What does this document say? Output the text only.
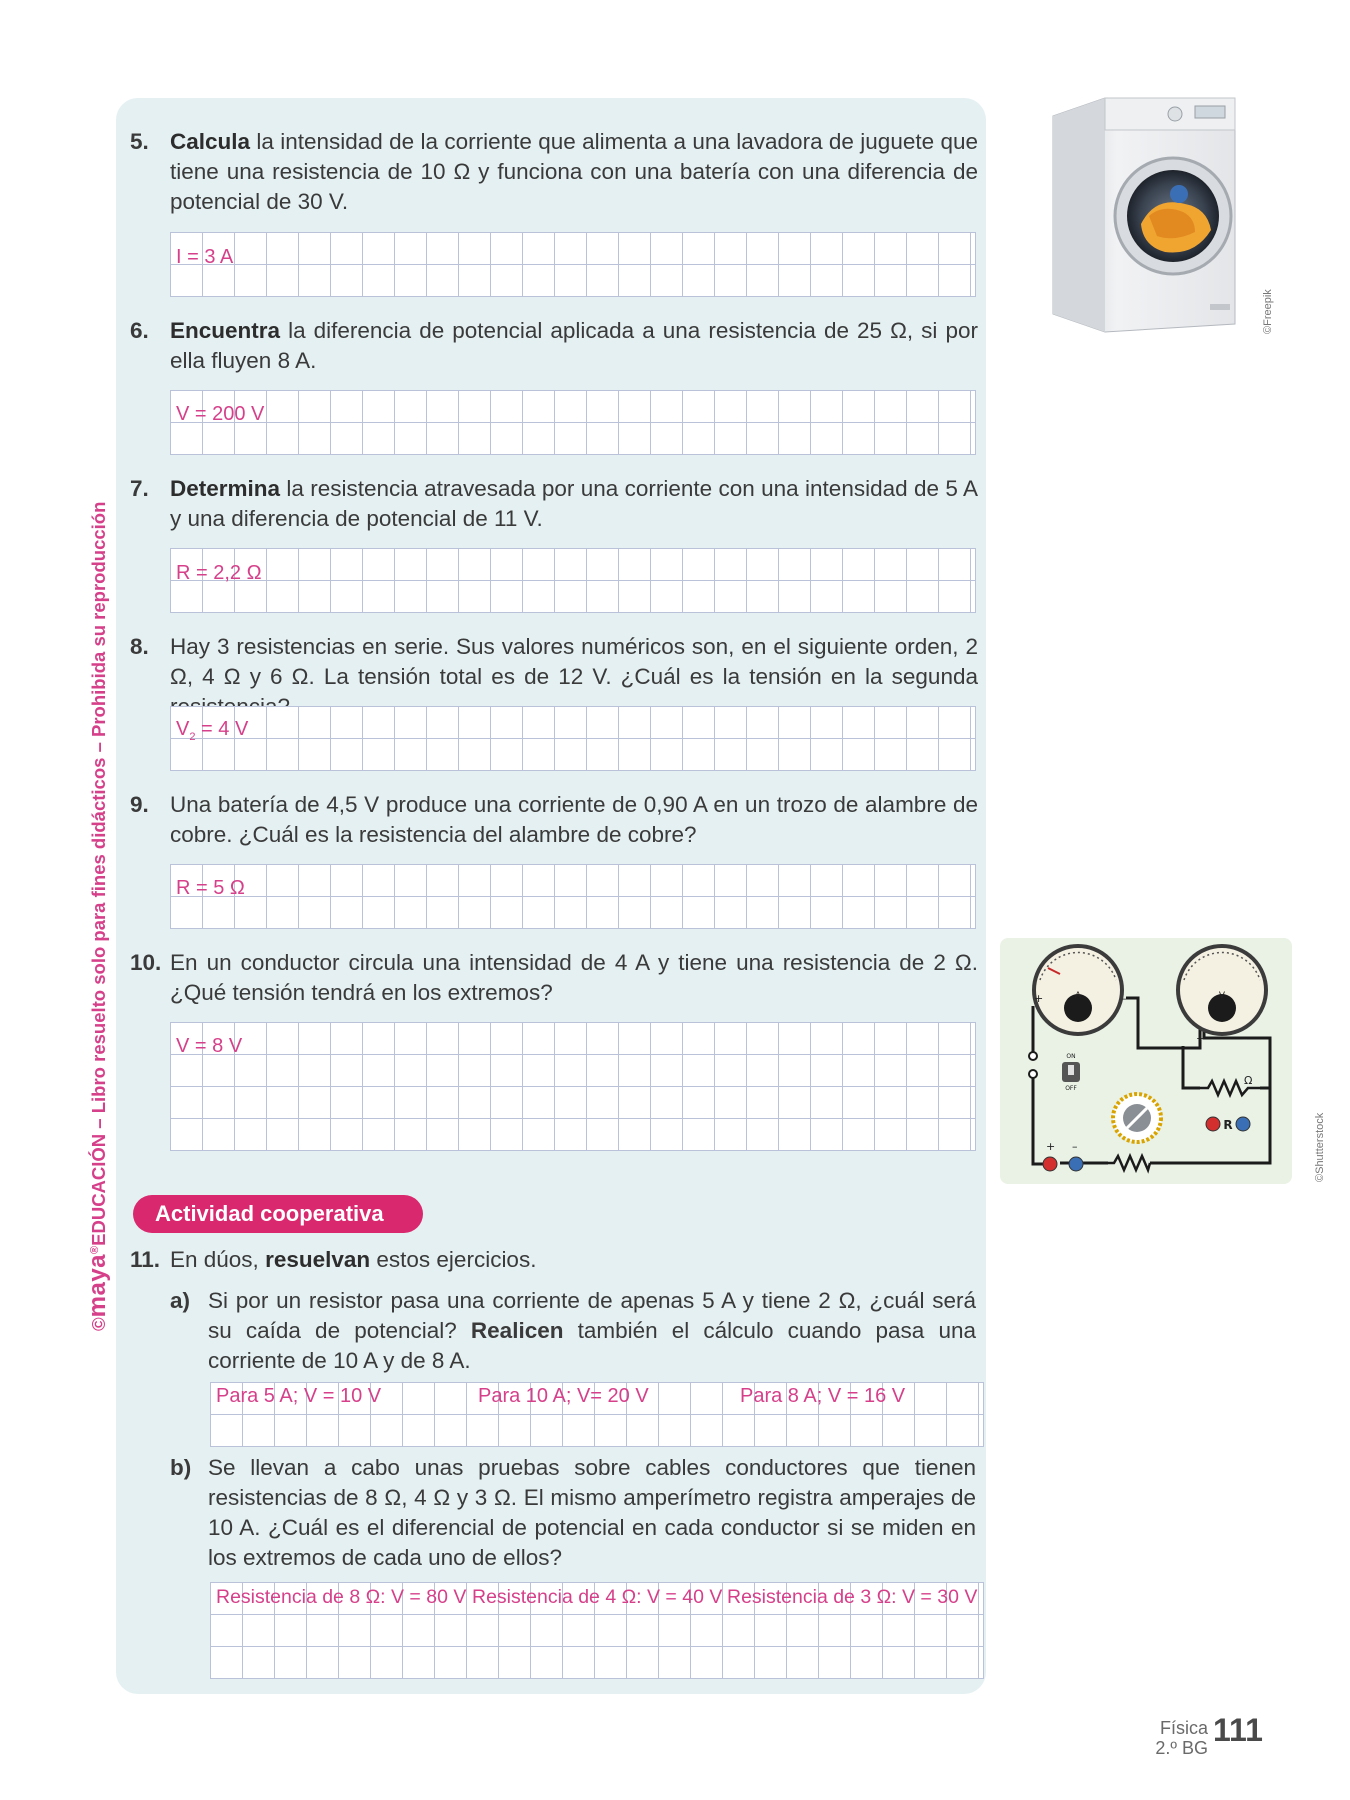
©maya®EDUCACIÓN – Libro resuelto solo para fines didácticos – Prohibida su reproducción
5. Calcula la intensidad de la corriente que alimenta a una lavadora de juguete que tiene una resistencia de 10 Ω y funciona con una batería con una diferencia de potencial de 30 V.
I = 3 A
6. Encuentra la diferencia de potencial aplicada a una resistencia de 25 Ω, si por ella fluyen 8 A.
V = 200 V
7. Determina la resistencia atravesada por una corriente con una intensidad de 5 A y una diferencia de potencial de 11 V.
R = 2,2 Ω
8. Hay 3 resistencias en serie. Sus valores numéricos son, en el siguiente orden, 2 Ω, 4 Ω y 6 Ω. La tensión total es de 12 V. ¿Cuál es la tensión en la segunda
$V_2 = 4$ V
9. Una batería de 4,5 V produce una corriente de 0,90 A en un trozo de alambre de cobre. ¿Cuál es la resistencia del alambre de cobre?
R = 5 Ω
10. En un conductor circula una intensidad de 4 A y tiene una resistencia de 2 Ω. ¿Qué tensión tendrá en los extremos?
V = 8 V
Actividad cooperativa
11. En dúos, resuelvan estos ejercicios.
a) Si por un resistor pasa una corriente de apenas 5 A y tiene 2 Ω, ¿cuál será su caída de potencial? Realicen también el cálculo cuando pasa una corriente de 10 A y de 8 A.
Para 5 A; V = 10 V	Para 10 A; V= 20 V	Para 8 A; V = 16 V
b) Se llevan a cabo unas pruebas sobre cables conductores que tienen resistencias de 8 Ω, 4 Ω y 3 Ω. El mismo amperímetro registra amperajes de 10 A. ¿Cuál es el diferencial de potencial en cada conductor si se miden en los extremos de cada uno de ellos?
Resistencia de 8 Ω: V = 80 V Resistencia de 4 Ω: V = 40 V Resistencia de 3 Ω: V = 30 V
©Freepik
A
+	–	V
+	–
ON
OFF
Ω
R
+ –	©Shutterstock
Física
2.º BG 111
